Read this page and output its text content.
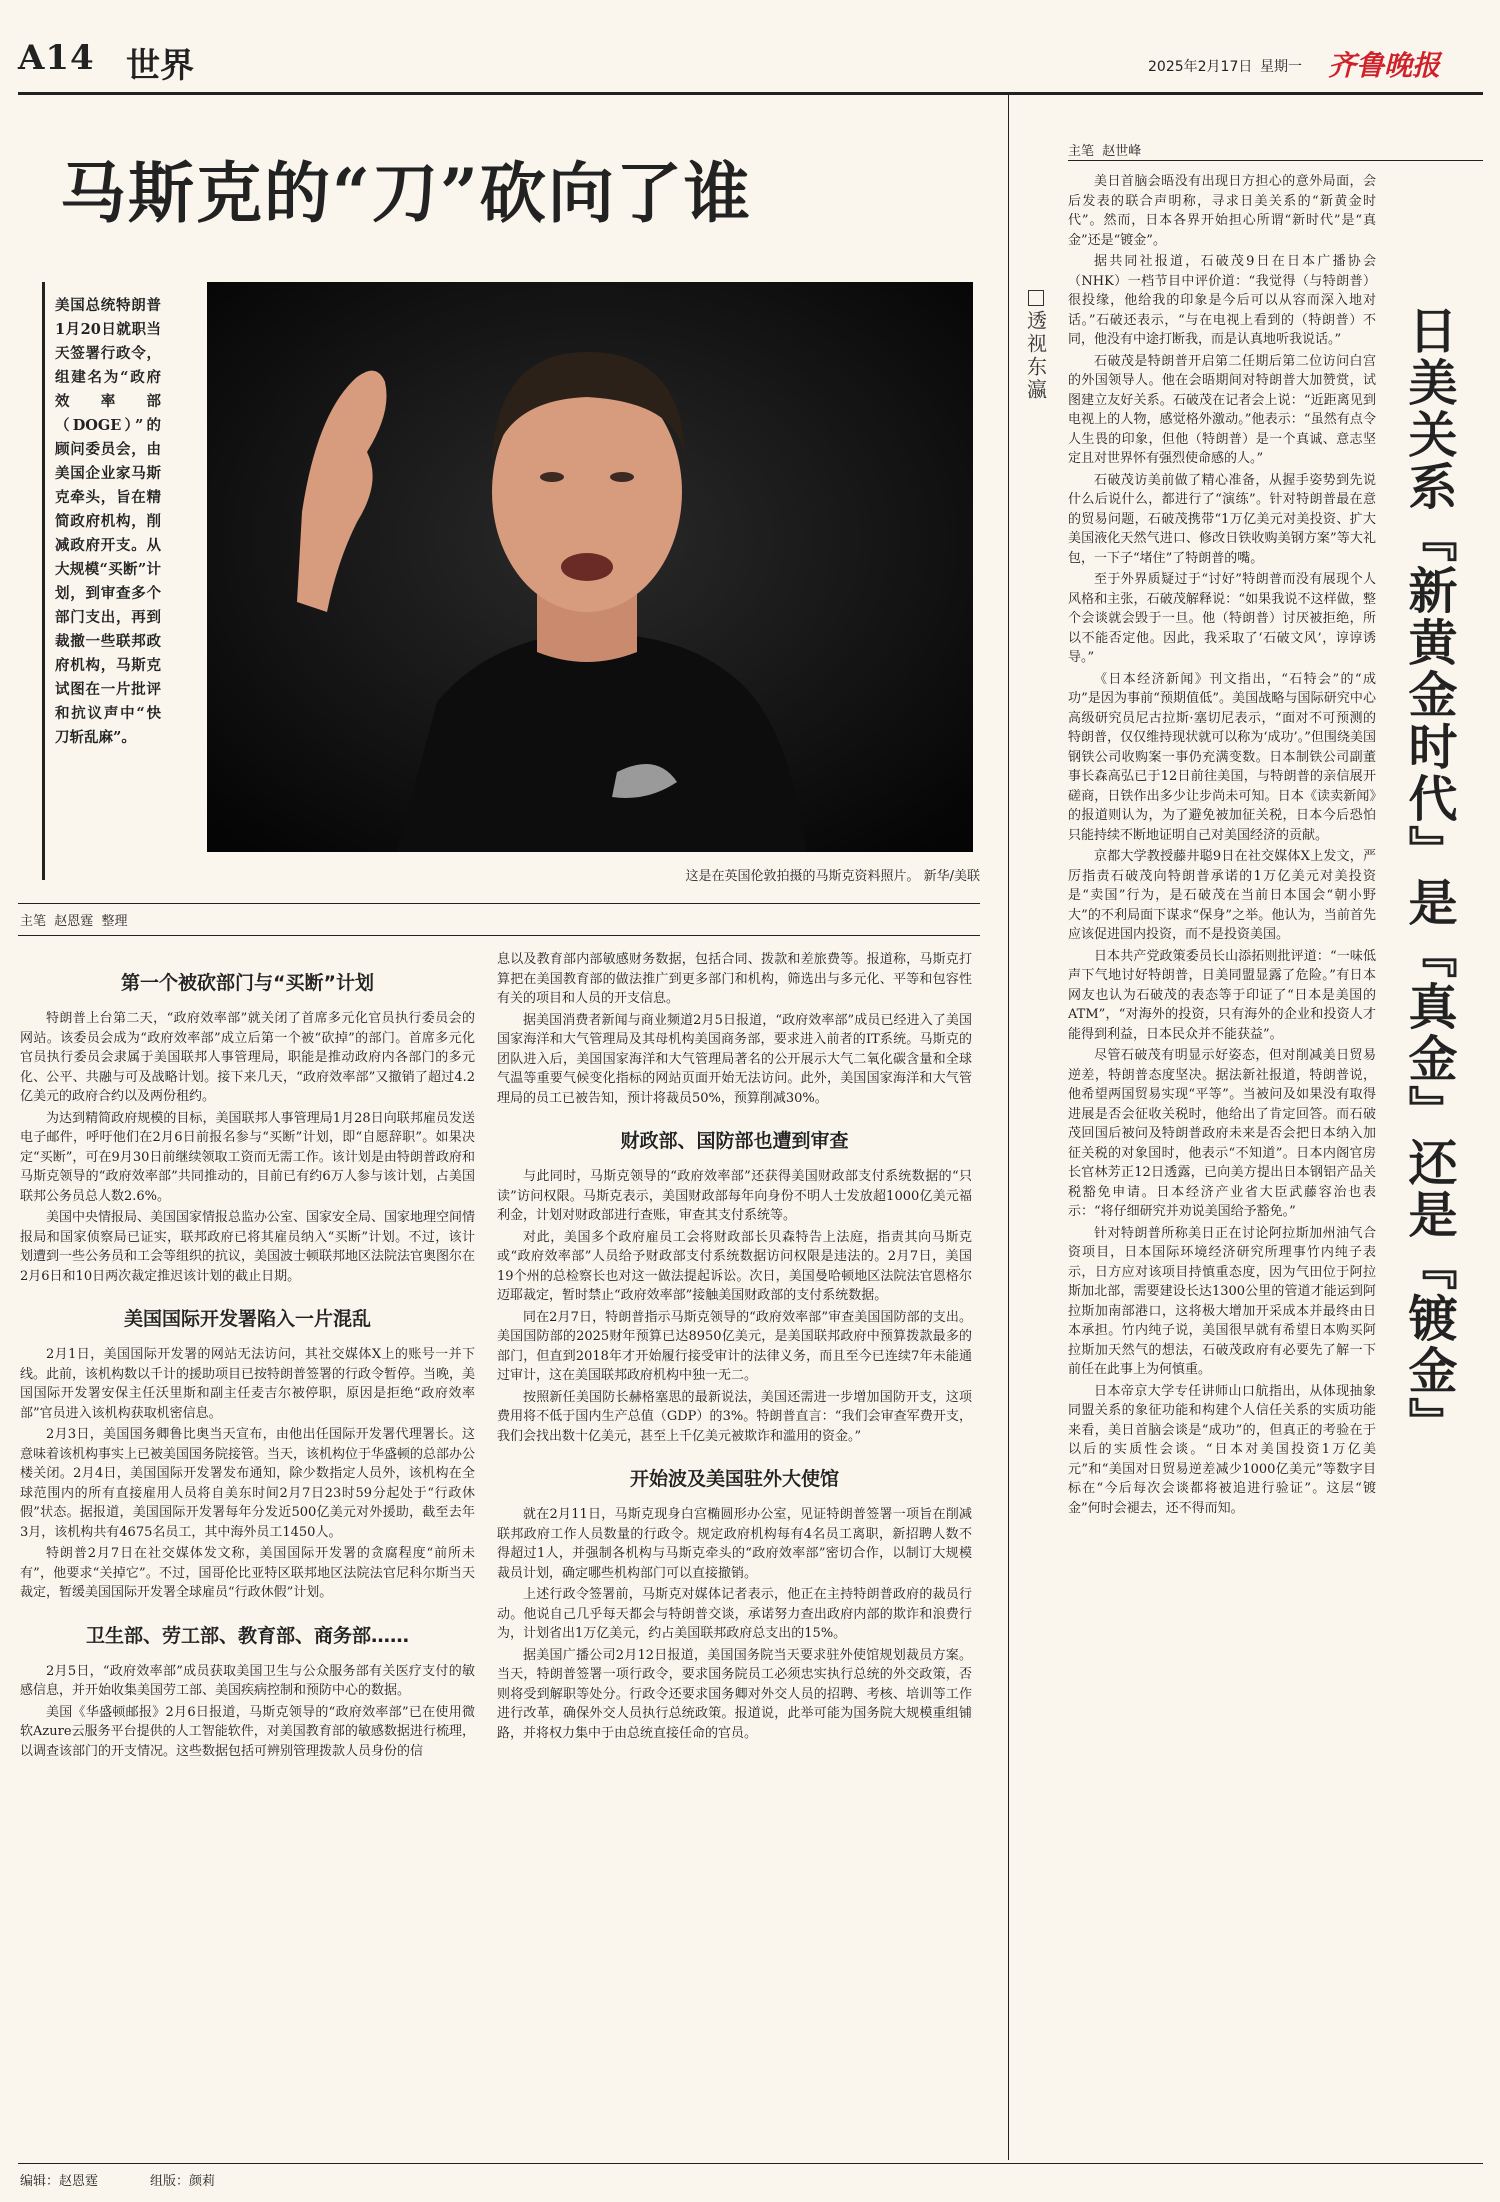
A14 世界	2025年2月17日 星期一 齐鲁晚报
马斯克的“刀”砍向了谁
美国总统特朗普1月20日就职当天签署行政令，组建名为“政府效率部（DOGE）”的顾问委员会，由美国企业家马斯克牵头，旨在精简政府机构，削减政府开支。从大规模“买断”计划，到审查多个部门支出，再到裁撤一些联邦政府机构，马斯克试图在一片批评和抗议声中“快刀斩乱麻”。
这是在英国伦敦拍摄的马斯克资料照片。 新华/美联
主笔  赵恩霆  整理
第一个被砍部门与“买断”计划

特朗普上台第二天，“政府效率部”就关闭了首席多元化官员执行委员会的网站。该委员会成为“政府效率部”成立后第一个被“砍掉”的部门。首席多元化官员执行委员会隶属于美国联邦人事管理局，职能是推动政府内各部门的多元化、公平、共融与可及战略计划。接下来几天，“政府效率部”又撤销了超过4.2亿美元的政府合约以及两份租约。

为达到精简政府规模的目标，美国联邦人事管理局1月28日向联邦雇员发送电子邮件，呼吁他们在2月6日前报名参与“买断”计划，即“自愿辞职”。如果决定“买断”，可在9月30日前继续领取工资而无需工作。该计划是由特朗普政府和马斯克领导的“政府效率部”共同推动的，目前已有约6万人参与该计划，占美国联邦公务员总人数2.6%。

美国中央情报局、美国国家情报总监办公室、国家安全局、国家地理空间情报局和国家侦察局已证实，联邦政府已将其雇员纳入“买断”计划。不过，该计划遭到一些公务员和工会等组织的抗议，美国波士顿联邦地区法院法官奥图尔在2月6日和10日两次裁定推迟该计划的截止日期。

美国国际开发署陷入一片混乱

2月1日，美国国际开发署的网站无法访问，其社交媒体X上的账号一并下线。此前，该机构数以千计的援助项目已按特朗普签署的行政令暂停。当晚，美国国际开发署安保主任沃里斯和副主任麦吉尔被停职，原因是拒绝“政府效率部”官员进入该机构获取机密信息。

2月3日，美国国务卿鲁比奥当天宣布，由他出任国际开发署代理署长。这意味着该机构事实上已被美国国务院接管。当天，该机构位于华盛顿的总部办公楼关闭。2月4日，美国国际开发署发布通知，除少数指定人员外，该机构在全球范围内的所有直接雇用人员将自美东时间2月7日23时59分起处于“行政休假”状态。据报道，美国国际开发署每年分发近500亿美元对外援助，截至去年3月，该机构共有4675名员工，其中海外员工1450人。

特朗普2月7日在社交媒体发文称，美国国际开发署的贪腐程度“前所未有”，他要求“关掉它”。不过，国哥伦比亚特区联邦地区法院法官尼科尔斯当天裁定，暂缓美国国际开发署全球雇员“行政休假”计划。

卫生部、劳工部、教育部、商务部……

2月5日，“政府效率部”成员获取美国卫生与公众服务部有关医疗支付的敏感信息，并开始收集美国劳工部、美国疾病控制和预防中心的数据。

美国《华盛顿邮报》2月6日报道，马斯克领导的“政府效率部”已在使用微软Azure云服务平台提供的人工智能软件，对美国教育部的敏感数据进行梳理，以调查该部门的开支情况。这些数据包括可辨别管理拨款人员身份的信

息以及教育部内部敏感财务数据，包括合同、拨款和差旅费等。报道称，马斯克打算把在美国教育部的做法推广到更多部门和机构，筛选出与多元化、平等和包容性有关的项目和人员的开支信息。

据美国消费者新闻与商业频道2月5日报道，“政府效率部”成员已经进入了美国国家海洋和大气管理局及其母机构美国商务部，要求进入前者的IT系统。马斯克的团队进入后，美国国家海洋和大气管理局著名的公开展示大气二氧化碳含量和全球气温等重要气候变化指标的网站页面开始无法访问。此外，美国国家海洋和大气管理局的员工已被告知，预计将裁员50%，预算削减30%。

财政部、国防部也遭到审查

与此同时，马斯克领导的“政府效率部”还获得美国财政部支付系统数据的“只读”访问权限。马斯克表示，美国财政部每年向身份不明人士发放超1000亿美元福利金，计划对财政部进行查账，审查其支付系统等。

对此，美国多个政府雇员工会将财政部长贝森特告上法庭，指责其向马斯克或“政府效率部”人员给予财政部支付系统数据访问权限是违法的。2月7日，美国19个州的总检察长也对这一做法提起诉讼。次日，美国曼哈顿地区法院法官恩格尔迈耶裁定，暂时禁止“政府效率部”接触美国财政部的支付系统数据。

同在2月7日，特朗普指示马斯克领导的“政府效率部”审查美国国防部的支出。美国国防部的2025财年预算已达8950亿美元，是美国联邦政府中预算拨款最多的部门，但直到2018年才开始履行接受审计的法律义务，而且至今已连续7年未能通过审计，这在美国联邦政府机构中独一无二。

按照新任美国防长赫格塞思的最新说法，美国还需进一步增加国防开支，这项费用将不低于国内生产总值（GDP）的3%。特朗普直言：“我们会审查军费开支，我们会找出数十亿美元，甚至上千亿美元被欺诈和滥用的资金。”

开始波及美国驻外大使馆

就在2月11日，马斯克现身白宫椭圆形办公室，见证特朗普签署一项旨在削减联邦政府工作人员数量的行政令。规定政府机构每有4名员工离职，新招聘人数不得超过1人，并强制各机构与马斯克牵头的“政府效率部”密切合作，以制订大规模裁员计划，确定哪些机构部门可以直接撤销。

上述行政令签署前，马斯克对媒体记者表示，他正在主持特朗普政府的裁员行动。他说自己几乎每天都会与特朗普交谈，承诺努力查出政府内部的欺诈和浪费行为，计划省出1万亿美元，约占美国联邦政府总支出的15%。

据美国广播公司2月12日报道，美国国务院当天要求驻外使馆规划裁员方案。当天，特朗普签署一项行政令，要求国务院员工必须忠实执行总统的外交政策，否则将受到解职等处分。行政令还要求国务卿对外交人员的招聘、考核、培训等工作进行改革，确保外交人员执行总统政策。报道说，此举可能为国务院大规模重组铺路，并将权力集中于由总统直接任命的官员。

主笔  赵世峰
透视东瀛

美日首脑会晤没有出现日方担心的意外局面，会后发表的联合声明称，寻求日美关系的“新黄金时代”。然而，日本各界开始担心所谓“新时代”是“真金”还是“镀金”。

据共同社报道，石破茂9日在日本广播协会（NHK）一档节目中评价道：“我觉得（与特朗普）很投缘，他给我的印象是今后可以从容而深入地对话。”石破还表示，“与在电视上看到的（特朗普）不同，他没有中途打断我，而是认真地听我说话。”

石破茂是特朗普开启第二任期后第二位访问白宫的外国领导人。他在会晤期间对特朗普大加赞赏，试图建立友好关系。石破茂在记者会上说：“近距离见到电视上的人物，感觉格外激动。”他表示：“虽然有点令人生畏的印象，但他（特朗普）是一个真诚、意志坚定且对世界怀有强烈使命感的人。”

石破茂访美前做了精心准备，从握手姿势到先说什么后说什么，都进行了“演练”。针对特朗普最在意的贸易问题，石破茂携带“1万亿美元对美投资、扩大美国液化天然气进口、修改日铁收购美钢方案”等大礼包，一下子“堵住”了特朗普的嘴。

至于外界质疑过于“讨好”特朗普而没有展现个人风格和主张，石破茂解释说：“如果我说不这样做，整个会谈就会毁于一旦。他（特朗普）讨厌被拒绝，所以不能否定他。因此，我采取了‘石破文风’，谆谆诱导。”

《日本经济新闻》刊文指出，“石特会”的“成功”是因为事前“预期值低”。美国战略与国际研究中心高级研究员尼古拉斯·塞切尼表示，“面对不可预测的特朗普，仅仅维持现状就可以称为‘成功’。”但围绕美国钢铁公司收购案一事仍充满变数。日本制铁公司副董事长森高弘已于12日前往美国，与特朗普的亲信展开磋商，日铁作出多少让步尚未可知。日本《读卖新闻》的报道则认为，为了避免被加征关税，日本今后恐怕只能持续不断地证明自己对美国经济的贡献。

京都大学教授藤井聪9日在社交媒体X上发文，严厉指责石破茂向特朗普承诺的1万亿美元对美投资是“卖国”行为，是石破茂在当前日本国会“朝小野大”的不利局面下谋求“保身”之举。他认为，当前首先应该促进国内投资，而不是投资美国。

日本共产党政策委员长山添拓则批评道：“一味低声下气地讨好特朗普，日美同盟显露了危险。”有日本网友也认为石破茂的表态等于印证了“日本是美国的ATM”，“对海外的投资，只有海外的企业和投资人才能得到利益，日本民众并不能获益”。

尽管石破茂有明显示好姿态，但对削减美日贸易逆差，特朗普态度坚决。据法新社报道，特朗普说，他希望两国贸易实现“平等”。当被问及如果没有取得进展是否会征收关税时，他给出了肯定回答。而石破茂回国后被问及特朗普政府未来是否会把日本纳入加征关税的对象国时，他表示“不知道”。日本内阁官房长官林芳正12日透露，已向美方提出日本钢铝产品关税豁免申请。日本经济产业省大臣武藤容治也表示：“将仔细研究并劝说美国给予豁免。”

针对特朗普所称美日正在讨论阿拉斯加州油气合资项目，日本国际环境经济研究所理事竹内纯子表示，日方应对该项目持慎重态度，因为气田位于阿拉斯加北部，需要建设长达1300公里的管道才能运到阿拉斯加南部港口，这将极大增加开采成本并最终由日本承担。竹内纯子说，美国很早就有希望日本购买阿拉斯加天然气的想法，石破茂政府有必要先了解一下前任在此事上为何慎重。

日本帝京大学专任讲师山口航指出，从体现抽象同盟关系的象征功能和构建个人信任关系的实质功能来看，美日首脑会谈是“成功”的，但真正的考验在于以后的实质性会谈。“日本对美国投资1万亿美元”和“美国对日贸易逆差减少1000亿美元”等数字目标在“今后每次会谈都将被追进行验证”。这层“镀金”何时会褪去，还不得而知。

日美关系『新黄金时代』是『真金』还是『镀金』
编辑：赵恩霆	组版：颜莉
